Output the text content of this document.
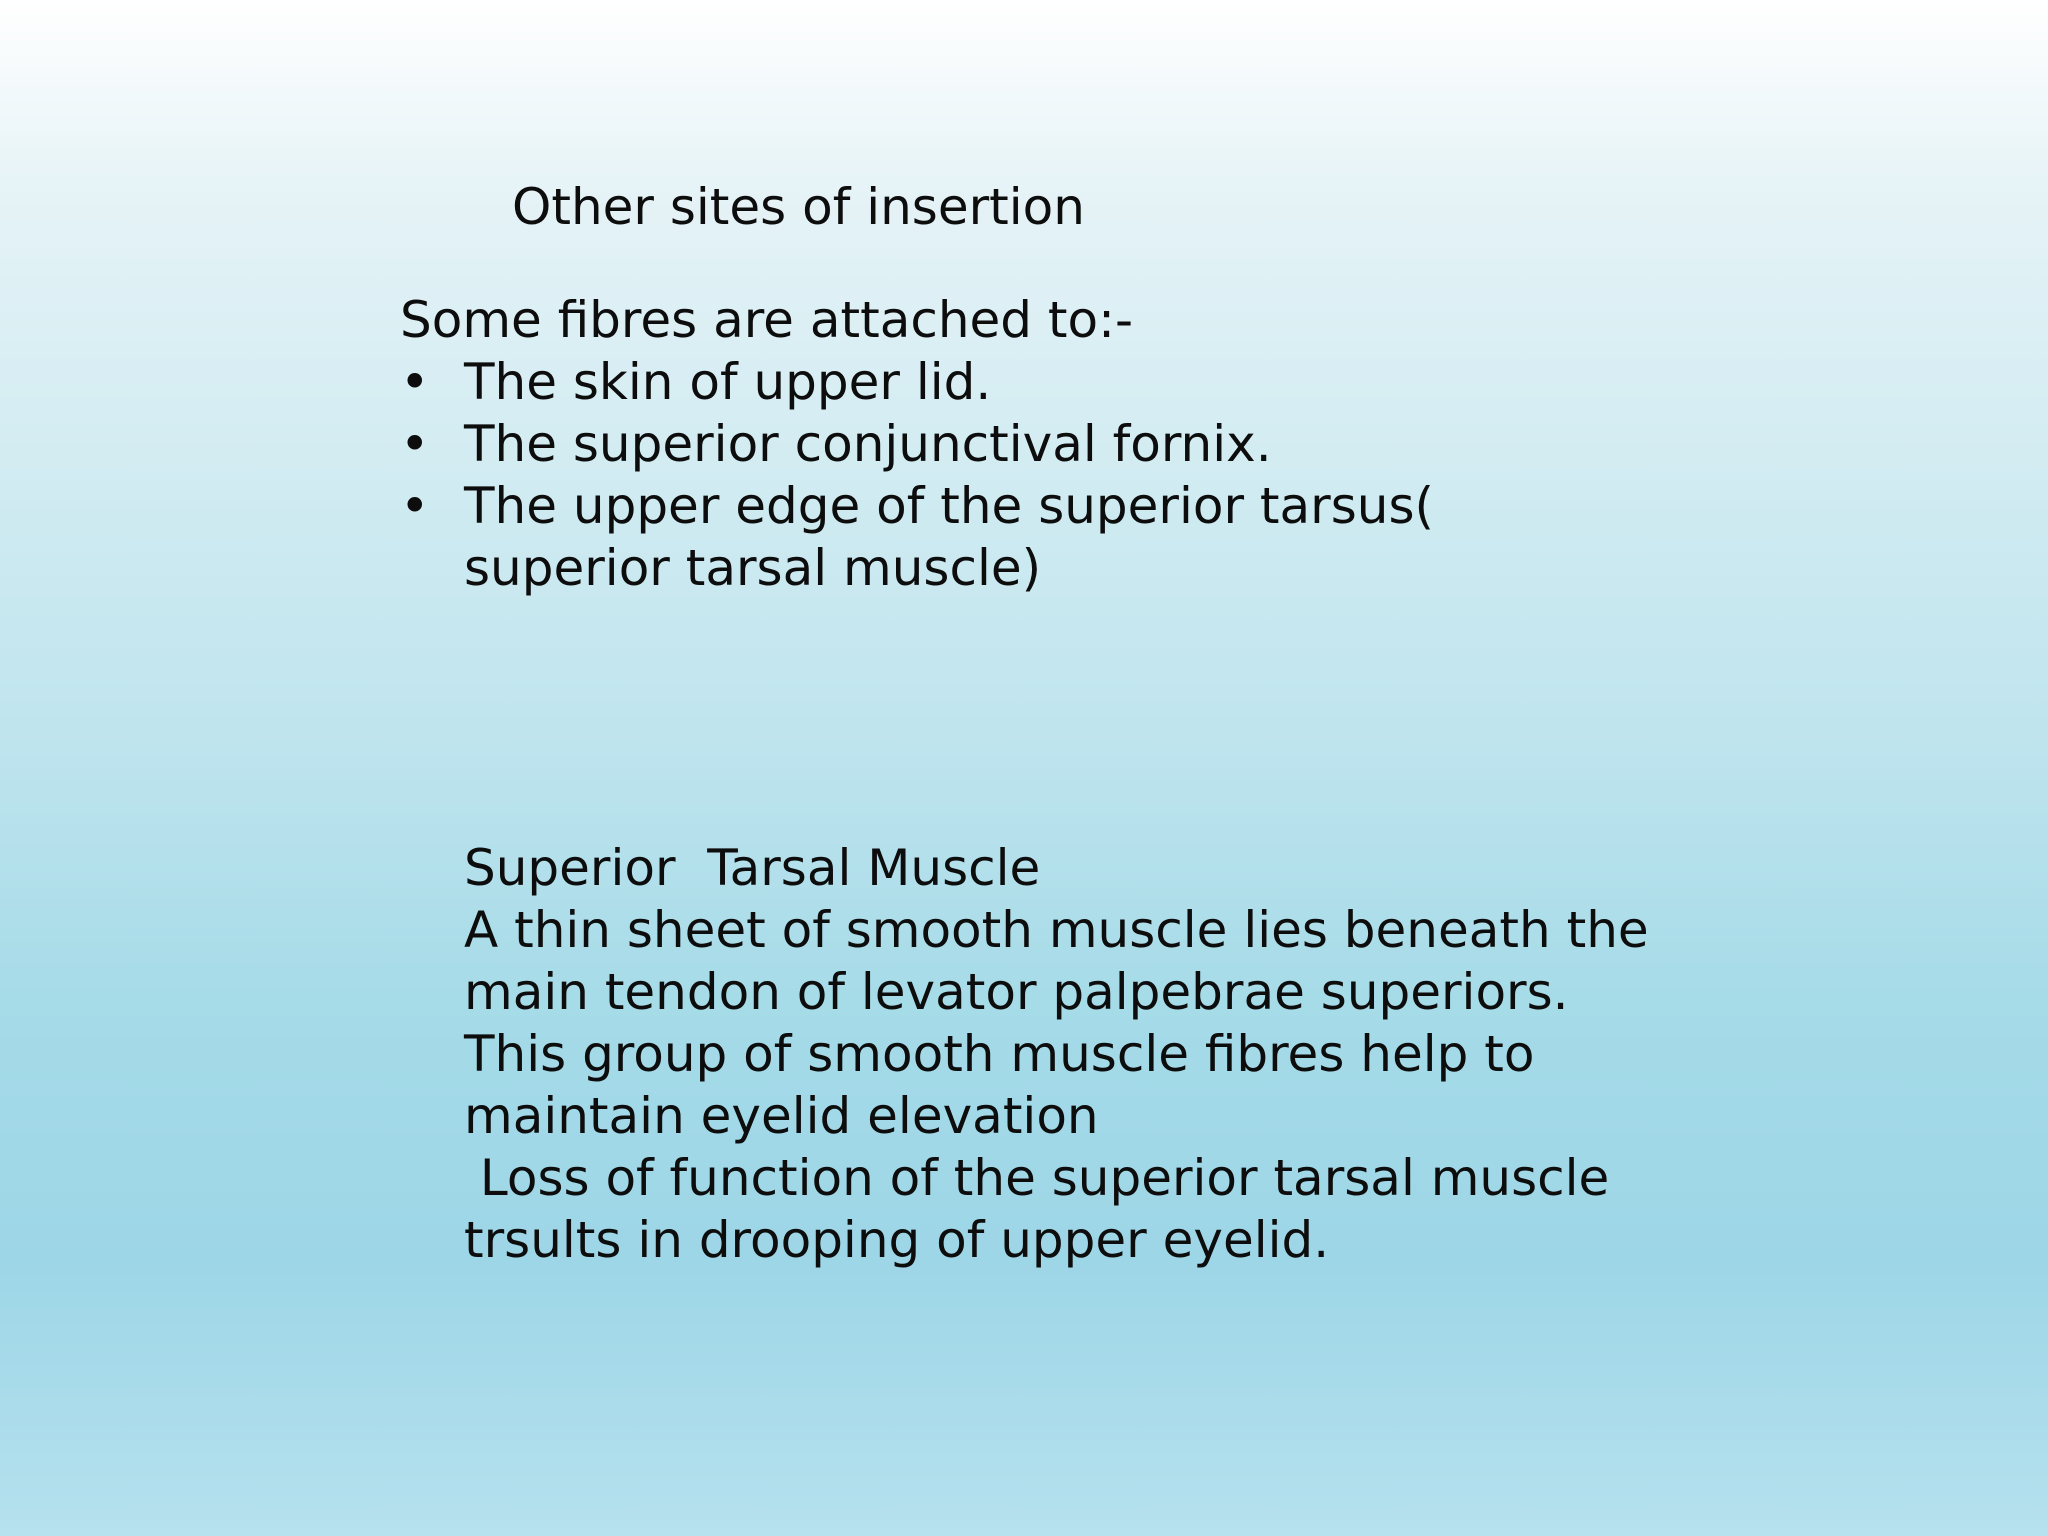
Other sites of insertion
Some fibres are attached to:-
• The skin of upper lid.
• The superior conjunctival fornix.
• The upper edge of the superior tarsus(
superior tarsal muscle)
Superior  Tarsal Muscle
A thin sheet of smooth muscle lies beneath the
main tendon of levator palpebrae superiors.
This group of smooth muscle fibres help to
maintain eyelid elevation
Loss of function of the superior tarsal muscle
trsults in drooping of upper eyelid.
